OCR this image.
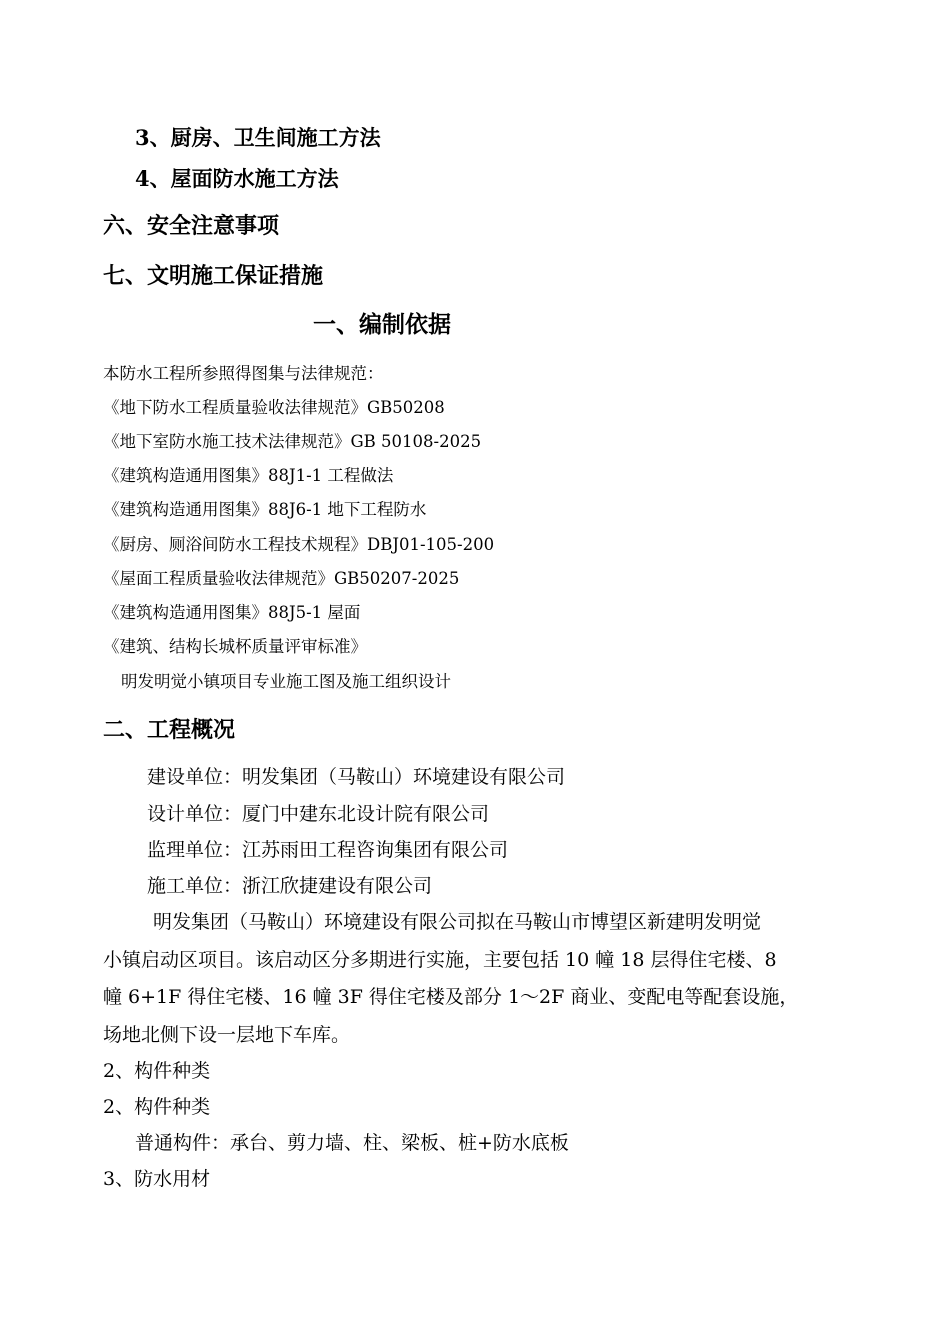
3、厨房、卫生间施工方法
4、屋面防水施工方法
六、安全注意事项
七、文明施工保证措施
一、编制依据
本防水工程所参照得图集与法律规范：
《地下防水工程质量验收法律规范》GB50208
《地下室防水施工技术法律规范》GB 50108-2025
《建筑构造通用图集》88J1-1 工程做法
《建筑构造通用图集》88J6-1 地下工程防水
《厨房、厕浴间防水工程技术规程》DBJ01-105-200
《屋面工程质量验收法律规范》GB50207-2025
《建筑构造通用图集》88J5-1 屋面
《建筑、结构长城杯质量评审标准》
明发明觉小镇项目专业施工图及施工组织设计
二、工程概况
建设单位：明发集团（马鞍山）环境建设有限公司
设计单位：厦门中建东北设计院有限公司
监理单位：江苏雨田工程咨询集团有限公司
施工单位：浙江欣捷建设有限公司
明发集团（马鞍山）环境建设有限公司拟在马鞍山市博望区新建明发明觉
小镇启动区项目。该启动区分多期进行实施，主要包括 10 幢 18 层得住宅楼、8
幢 6+1F 得住宅楼、16 幢 3F 得住宅楼及部分 1～2F 商业、变配电等配套设施，
场地北侧下设一层地下车库。
2、构件种类
2、构件种类
普通构件：承台、剪力墙、柱、梁板、桩+防水底板
3、防水用材
